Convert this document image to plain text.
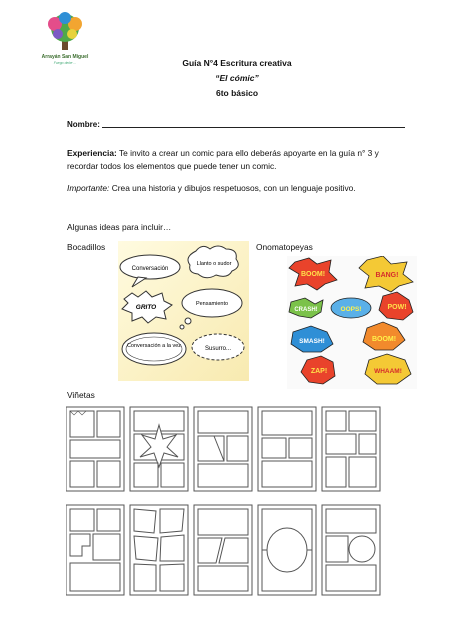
Arrayán San Miguel
Fuego debe ...	Guía N°4 Escritura creativa
“El cómic”
6to básico
Nombre:
Experiencia: Te invito a crear un comic para ello deberás apoyarte en la guía n° 3 y recordar todos los elementos que puede tener un comic.
Importante: Crea una historia y dibujos respetuosos, con un lenguaje positivo.
Algunas ideas para incluir…
Bocadillos	Onomatopeyas
Conversación
Llanto o sudor
GRITO	Pensamiento
Conversación a la vez	Susurro...
BOOM!	BANG!
CRASH!	OOPS!	POW!
SMASH!	BOOM!
ZAP!	WHAAM!
Viñetas
